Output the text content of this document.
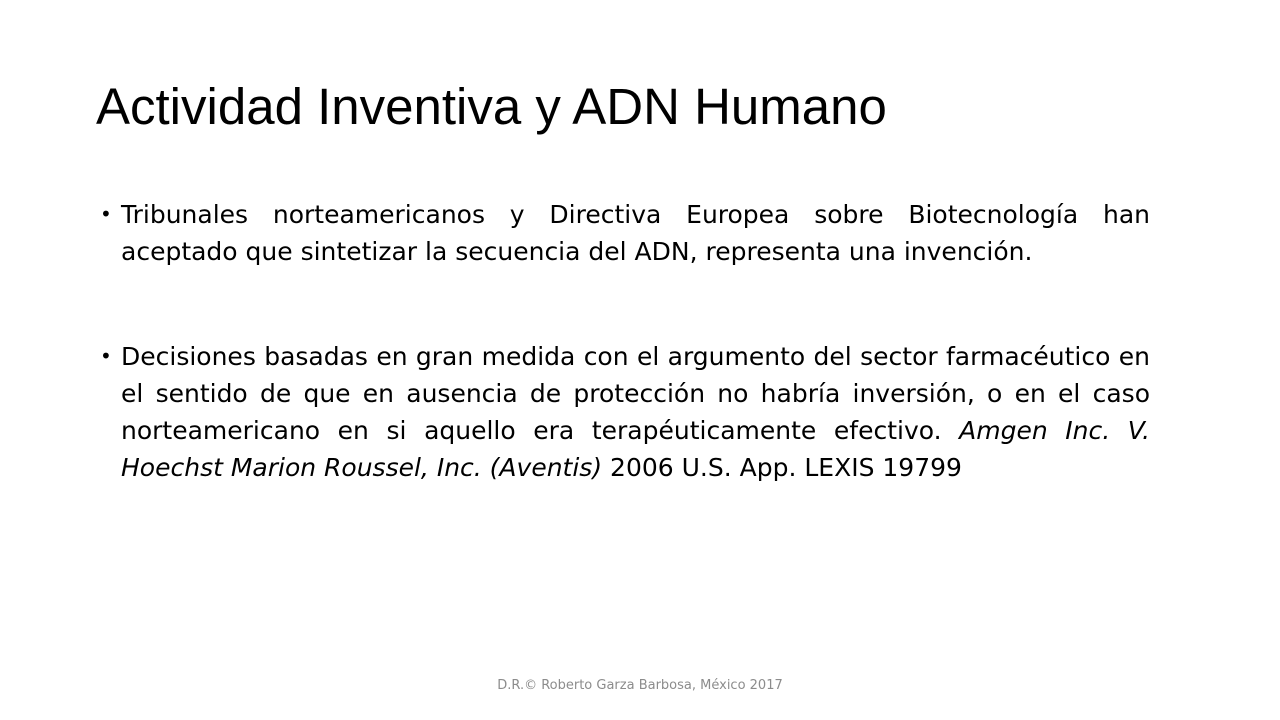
Actividad Inventiva y ADN Humano

• Tribunales norteamericanos y Directiva Europea sobre Biotecnología han aceptado que sintetizar la secuencia del ADN, representa una invención.

• Decisiones basadas en gran medida con el argumento del sector farmacéutico en el sentido de que en ausencia de protección no habría inversión, o en el caso norteamericano en si aquello era terapéuticamente efectivo. Amgen Inc. V. Hoechst Marion Roussel, Inc. (Aventis) 2006 U.S. App. LEXIS 19799

D.R.© Roberto Garza Barbosa, México 2017
